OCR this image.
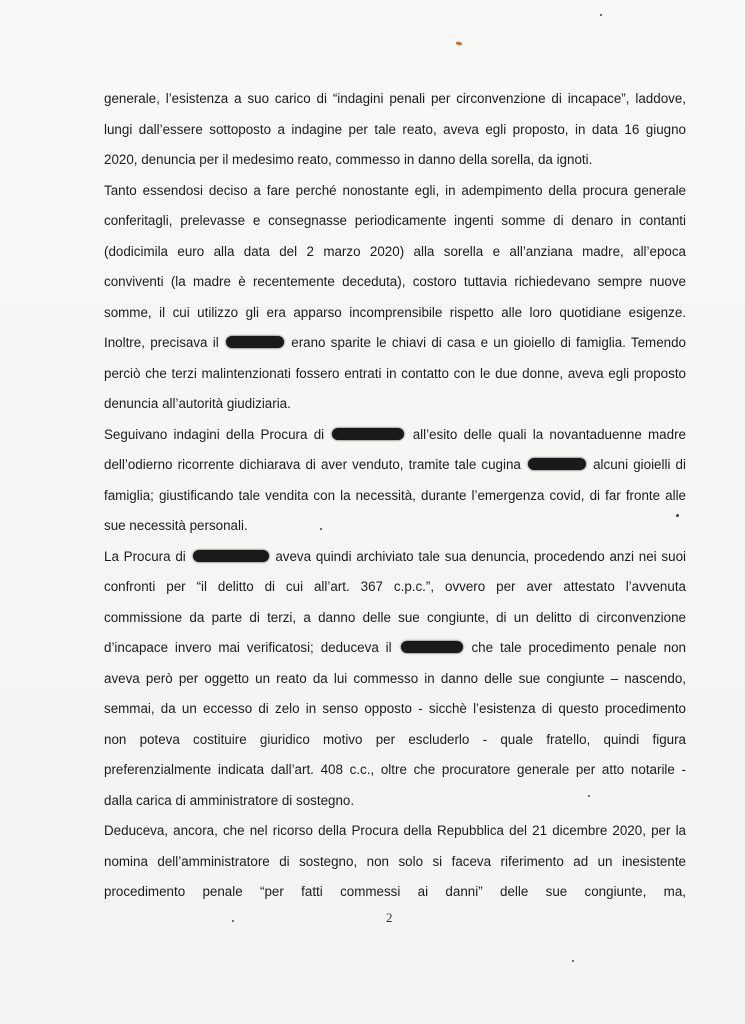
generale, l’esistenza a suo carico di “indagini penali per circonvenzione di incapace”, laddove,
lungi dall’essere sottoposto a indagine per tale reato, aveva egli proposto, in data 16 giugno
2020, denuncia per il medesimo reato, commesso in danno della sorella, da ignoti.
Tanto essendosi deciso a fare perché nonostante egli, in adempimento della procura generale
conferitagli, prelevasse e consegnasse periodicamente ingenti somme di denaro in contanti
(dodicimila euro alla data del 2 marzo 2020) alla sorella e all’anziana madre, all’epoca
conviventi (la madre è recentemente deceduta), costoro tuttavia richiedevano sempre nuove
somme, il cui utilizzo gli era apparso incomprensibile rispetto alle loro quotidiane esigenze.
Inoltre, precisava il	erano sparite le chiavi di casa e un gioiello di famiglia. Temendo
perciò che terzi malintenzionati fossero entrati in contatto con le due donne, aveva egli proposto
denuncia all’autorità giudiziaria.
Seguivano indagini della Procura di	all’esito delle quali la novantaduenne madre
dell’odierno ricorrente dichiarava di aver venduto, tramite tale cugina	alcuni gioielli di
famiglia; giustificando tale vendita con la necessità, durante l’emergenza covid, di far fronte alle
sue necessità personali.
La Procura di	aveva quindi archiviato tale sua denuncia, procedendo anzi nei suoi
confronti per “il delitto di cui all’art. 367 c.p.c.”, ovvero per aver attestato l’avvenuta
commissione da parte di terzi, a danno delle sue congiunte, di un delitto di circonvenzione
d’incapace invero mai verificatosi; deduceva il	che tale procedimento penale non
aveva però per oggetto un reato da lui commesso in danno delle sue congiunte – nascendo,
semmai, da un eccesso di zelo in senso opposto - sicchè l’esistenza di questo procedimento
non poteva costituire giuridico motivo per escluderlo - quale fratello, quindi figura
preferenzialmente indicata dall’art. 408 c.c., oltre che procuratore generale per atto notarile -
dalla carica di amministratore di sostegno.
Deduceva, ancora, che nel ricorso della Procura della Repubblica del 21 dicembre 2020, per la
nomina dell’amministratore di sostegno, non solo si faceva riferimento ad un inesistente
procedimento penale “per fatti commessi ai danni” delle sue congiunte, ma,
2
